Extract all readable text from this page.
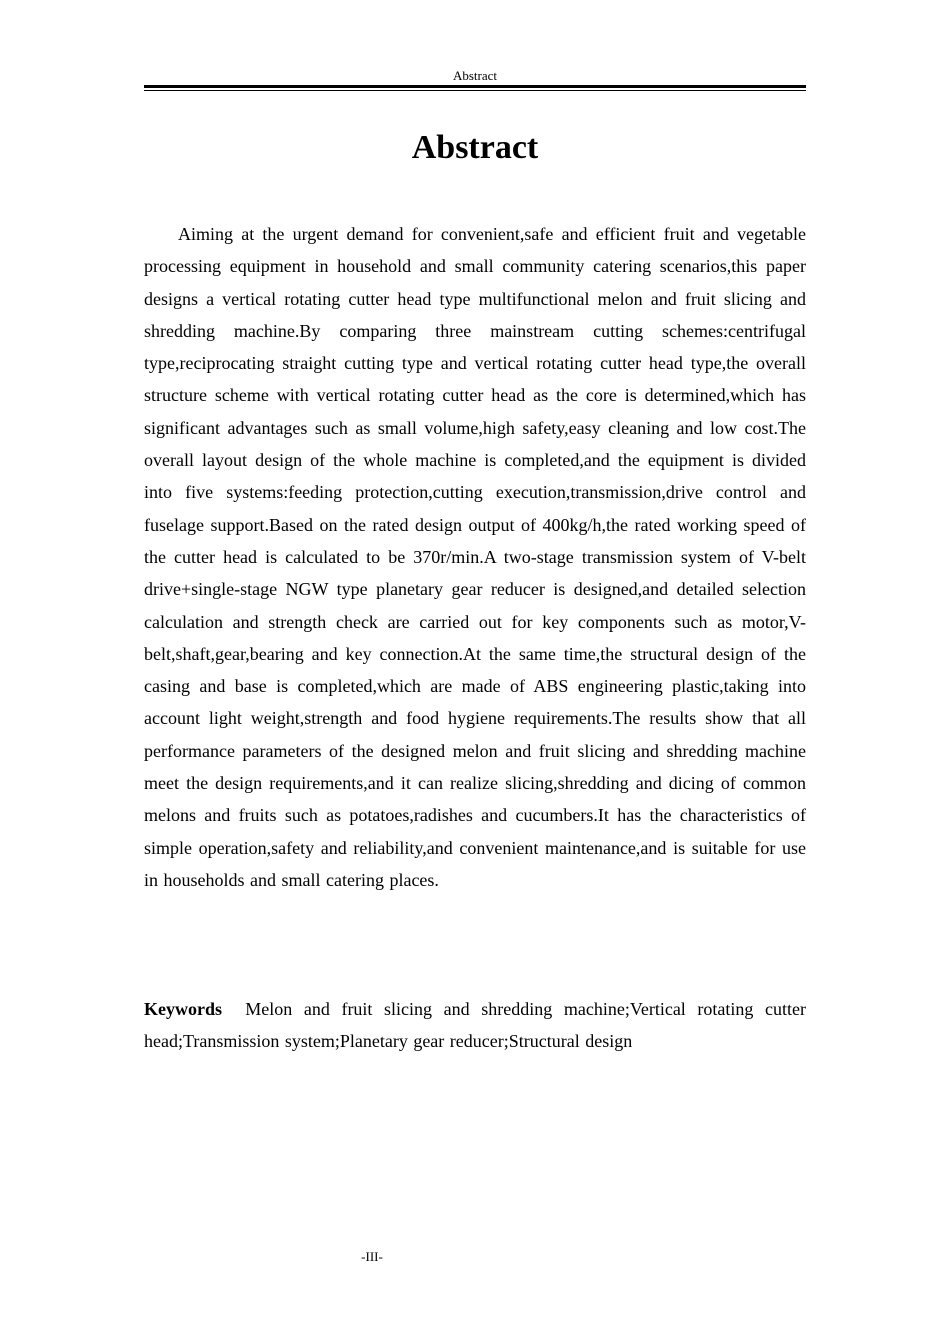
Abstract
Abstract

Aiming at the urgent demand for convenient,safe and efficient fruit and vegetable processing equipment in household and small community catering scenarios,this paper designs a vertical rotating cutter head type multifunctional melon and fruit slicing and shredding machine.By comparing three mainstream cutting schemes:centrifugal type,reciprocating straight cutting type and vertical rotating cutter head type,the overall structure scheme with vertical rotating cutter head as the core is determined,which has significant advantages such as small volume,high safety,easy cleaning and low cost.The overall layout design of the whole machine is completed,and the equipment is divided into five systems:feeding protection,cutting execution,transmission,drive control and fuselage support.Based on the rated design output of 400kg/h,the rated working speed of the cutter head is calculated to be 370r/min.A two-stage transmission system of V-belt drive+single-stage NGW type planetary gear reducer is designed,and detailed selection calculation and strength check are carried out for key components such as motor,V-belt,shaft,gear,bearing and key connection.At the same time,the structural design of the casing and base is completed,which are made of ABS engineering plastic,taking into account light weight,strength and food hygiene requirements.The results show that all performance parameters of the designed melon and fruit slicing and shredding machine meet the design requirements,and it can realize slicing,shredding and dicing of common melons and fruits such as potatoes,radishes and cucumbers.It has the characteristics of simple operation,safety and reliability,and convenient maintenance,and is suitable for use in households and small catering places.

Keywords Melon and fruit slicing and shredding machine;Vertical rotating cutter head;Transmission system;Planetary gear reducer;Structural design

-III-
